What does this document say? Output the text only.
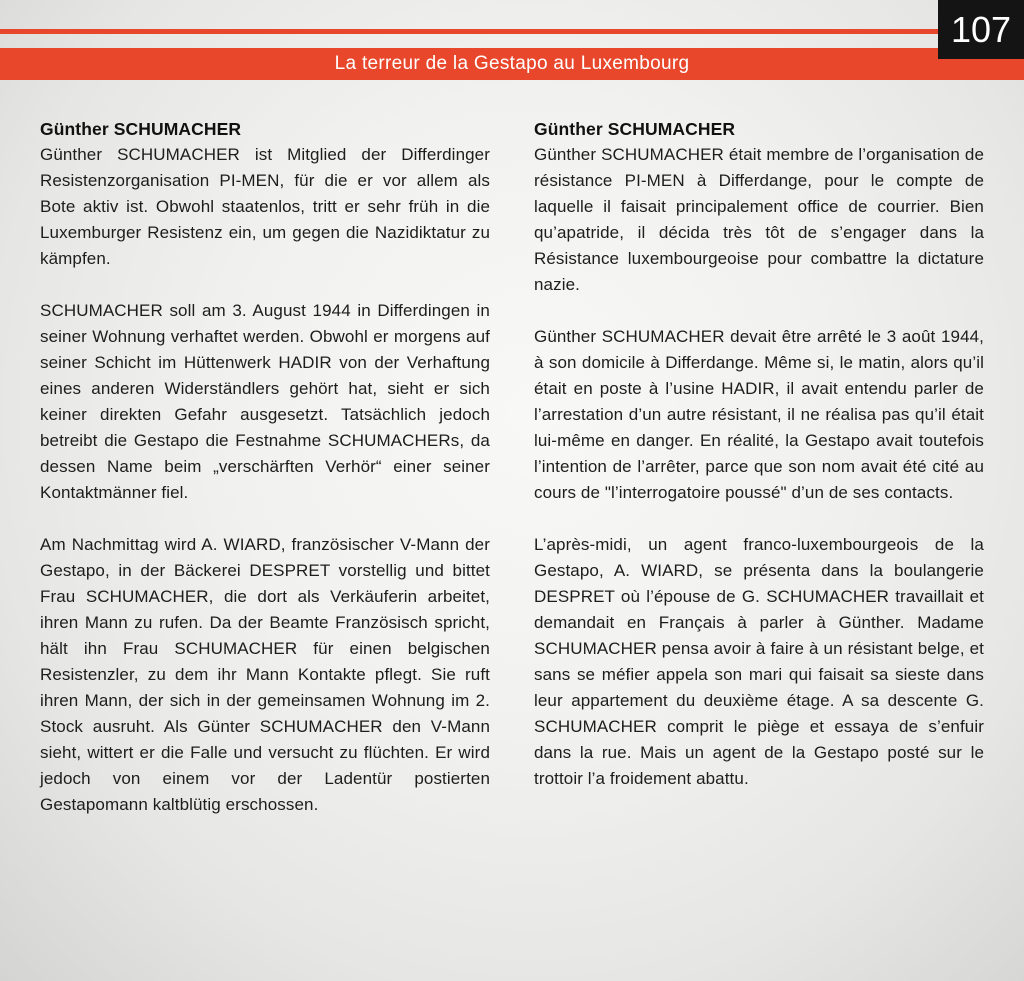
La terreur de la Gestapo au Luxembourg
107
Günther SCHUMACHER

Günther SCHUMACHER ist Mitglied der Differdinger Resistenzorganisation PI-MEN, für die er vor allem als Bote aktiv ist. Obwohl staatenlos, tritt er sehr früh in die Luxemburger Resistenz ein, um gegen die Nazidiktatur zu kämpfen.

SCHUMACHER soll am 3. August 1944 in Differdingen in seiner Wohnung verhaftet werden. Obwohl er morgens auf seiner Schicht im Hüttenwerk HADIR von der Verhaftung eines anderen Widerständlers gehört hat, sieht er sich keiner direkten Gefahr ausgesetzt. Tatsächlich jedoch betreibt die Gestapo die Festnahme SCHUMACHERs, da dessen Name beim „verschärften Verhör“ einer seiner Kontaktmänner fiel.

Am Nachmittag wird A. WIARD, französischer V-Mann der Gestapo, in der Bäckerei DESPRET vorstellig und bittet Frau SCHUMACHER, die dort als Verkäuferin arbeitet, ihren Mann zu rufen. Da der Beamte Französisch spricht, hält ihn Frau SCHUMACHER für einen belgischen Resistenzler, zu dem ihr Mann Kontakte pflegt. Sie ruft ihren Mann, der sich in der gemeinsamen Wohnung im 2. Stock ausruht. Als Günter SCHUMACHER den V-Mann sieht, wittert er die Falle und versucht zu flüchten. Er wird jedoch von einem vor der Ladentür postierten Gestapomann kaltblütig erschossen.

Günther SCHUMACHER

Günther SCHUMACHER était membre de l’organisation de résistance PI-MEN à Differdange, pour le compte de laquelle il faisait principalement office de courrier. Bien qu’apatride, il décida très tôt de s’engager dans la Résistance luxembourgeoise pour combattre la dictature nazie.

Günther SCHUMACHER devait être arrêté le 3 août 1944, à son domicile à Differdange. Même si, le matin, alors qu’il était en poste à l’usine HADIR, il avait entendu parler de l’arrestation d’un autre résistant, il ne réalisa pas qu’il était lui-même en danger. En réalité, la Gestapo avait toutefois l’intention de l’arrêter, parce que son nom avait été cité au cours de "l’interrogatoire poussé" d’un de ses contacts.

L’après-midi, un agent franco-luxembourgeois de la Gestapo, A. WIARD, se présenta dans la boulangerie DESPRET où l’épouse de G. SCHUMACHER travaillait et demandait en Français à parler à Günther. Madame SCHUMACHER pensa avoir à faire à un résistant belge, et sans se méfier appela son mari qui faisait sa sieste dans leur appartement du deuxième étage. A sa descente G. SCHUMACHER comprit le piège et essaya de s’enfuir dans la rue. Mais un agent de la Gestapo posté sur le trottoir l’a froidement abattu.
